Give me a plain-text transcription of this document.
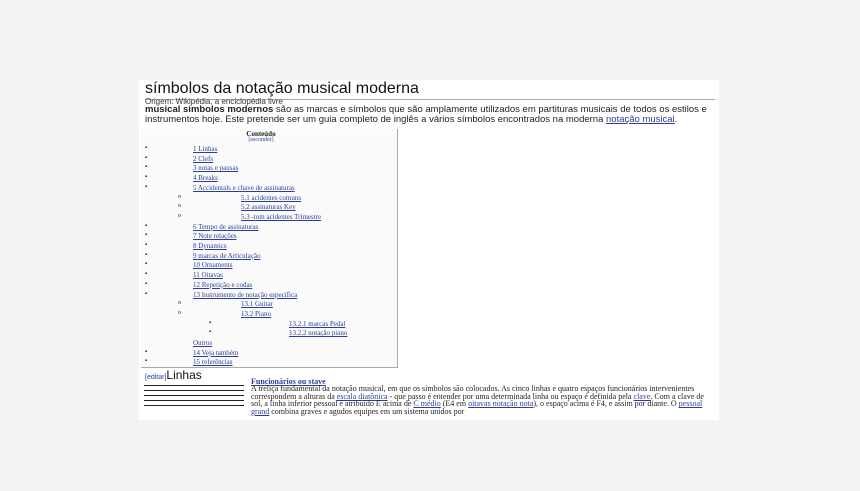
símbolos da notação musical moderna
Origem: Wikipédia, a enciclopédia livre
musical símbolos modernos são as marcas e símbolos que são amplamente utilizados em partituras musicais de todos os estilos e instrumentos hoje. Este pretende ser um guia completo de inglês a vários símbolos encontrados na moderna notação musical.
Conteúdo
[esconder]
▪	1 Linhas
▪	2 Clefs
▪	3 notas e pausas
▪	4 Breaks
▪	5 Accidentals e chave de assinaturas
o	5.1 acidentes comuns
o	5.2 assinaturas Key
o	5.3 -tom acidentes Trimestre
▪	6 Tempo de assinaturas
▪	7 Note relações
▪	8 Dynamics
▪	9 marcas de Articulação
▪	10 Ornaments
▪	11 Oitavas
▪	12 Repetição e codas
▪	13 Instrumento de notação específica
o	13.1 Guitar
o	13.2 Piano
▪	13.2.1 marcas Pedal
▪	13.2.2 notação piano
Outros
▪	14 Veja também
▪	15 referências
[editar]Linhas	Funcionários ou stave
A treliça fundamental da notação musical, em que os símbolos são colocados. As cinco linhas e quatro espaços funcionários intervenientes correspondem a alturas da escala diatônica - que passo é entender por uma determinada linha ou espaço é definida pela clave. Com a clave de sol, a linha inferior pessoal é atribuído E acima de C médio (E4 em oitavas notação nota), o espaço acima é F4, e assim por diante. O pessoal grand combina graves e agudos equipes em um sistema unidos por
